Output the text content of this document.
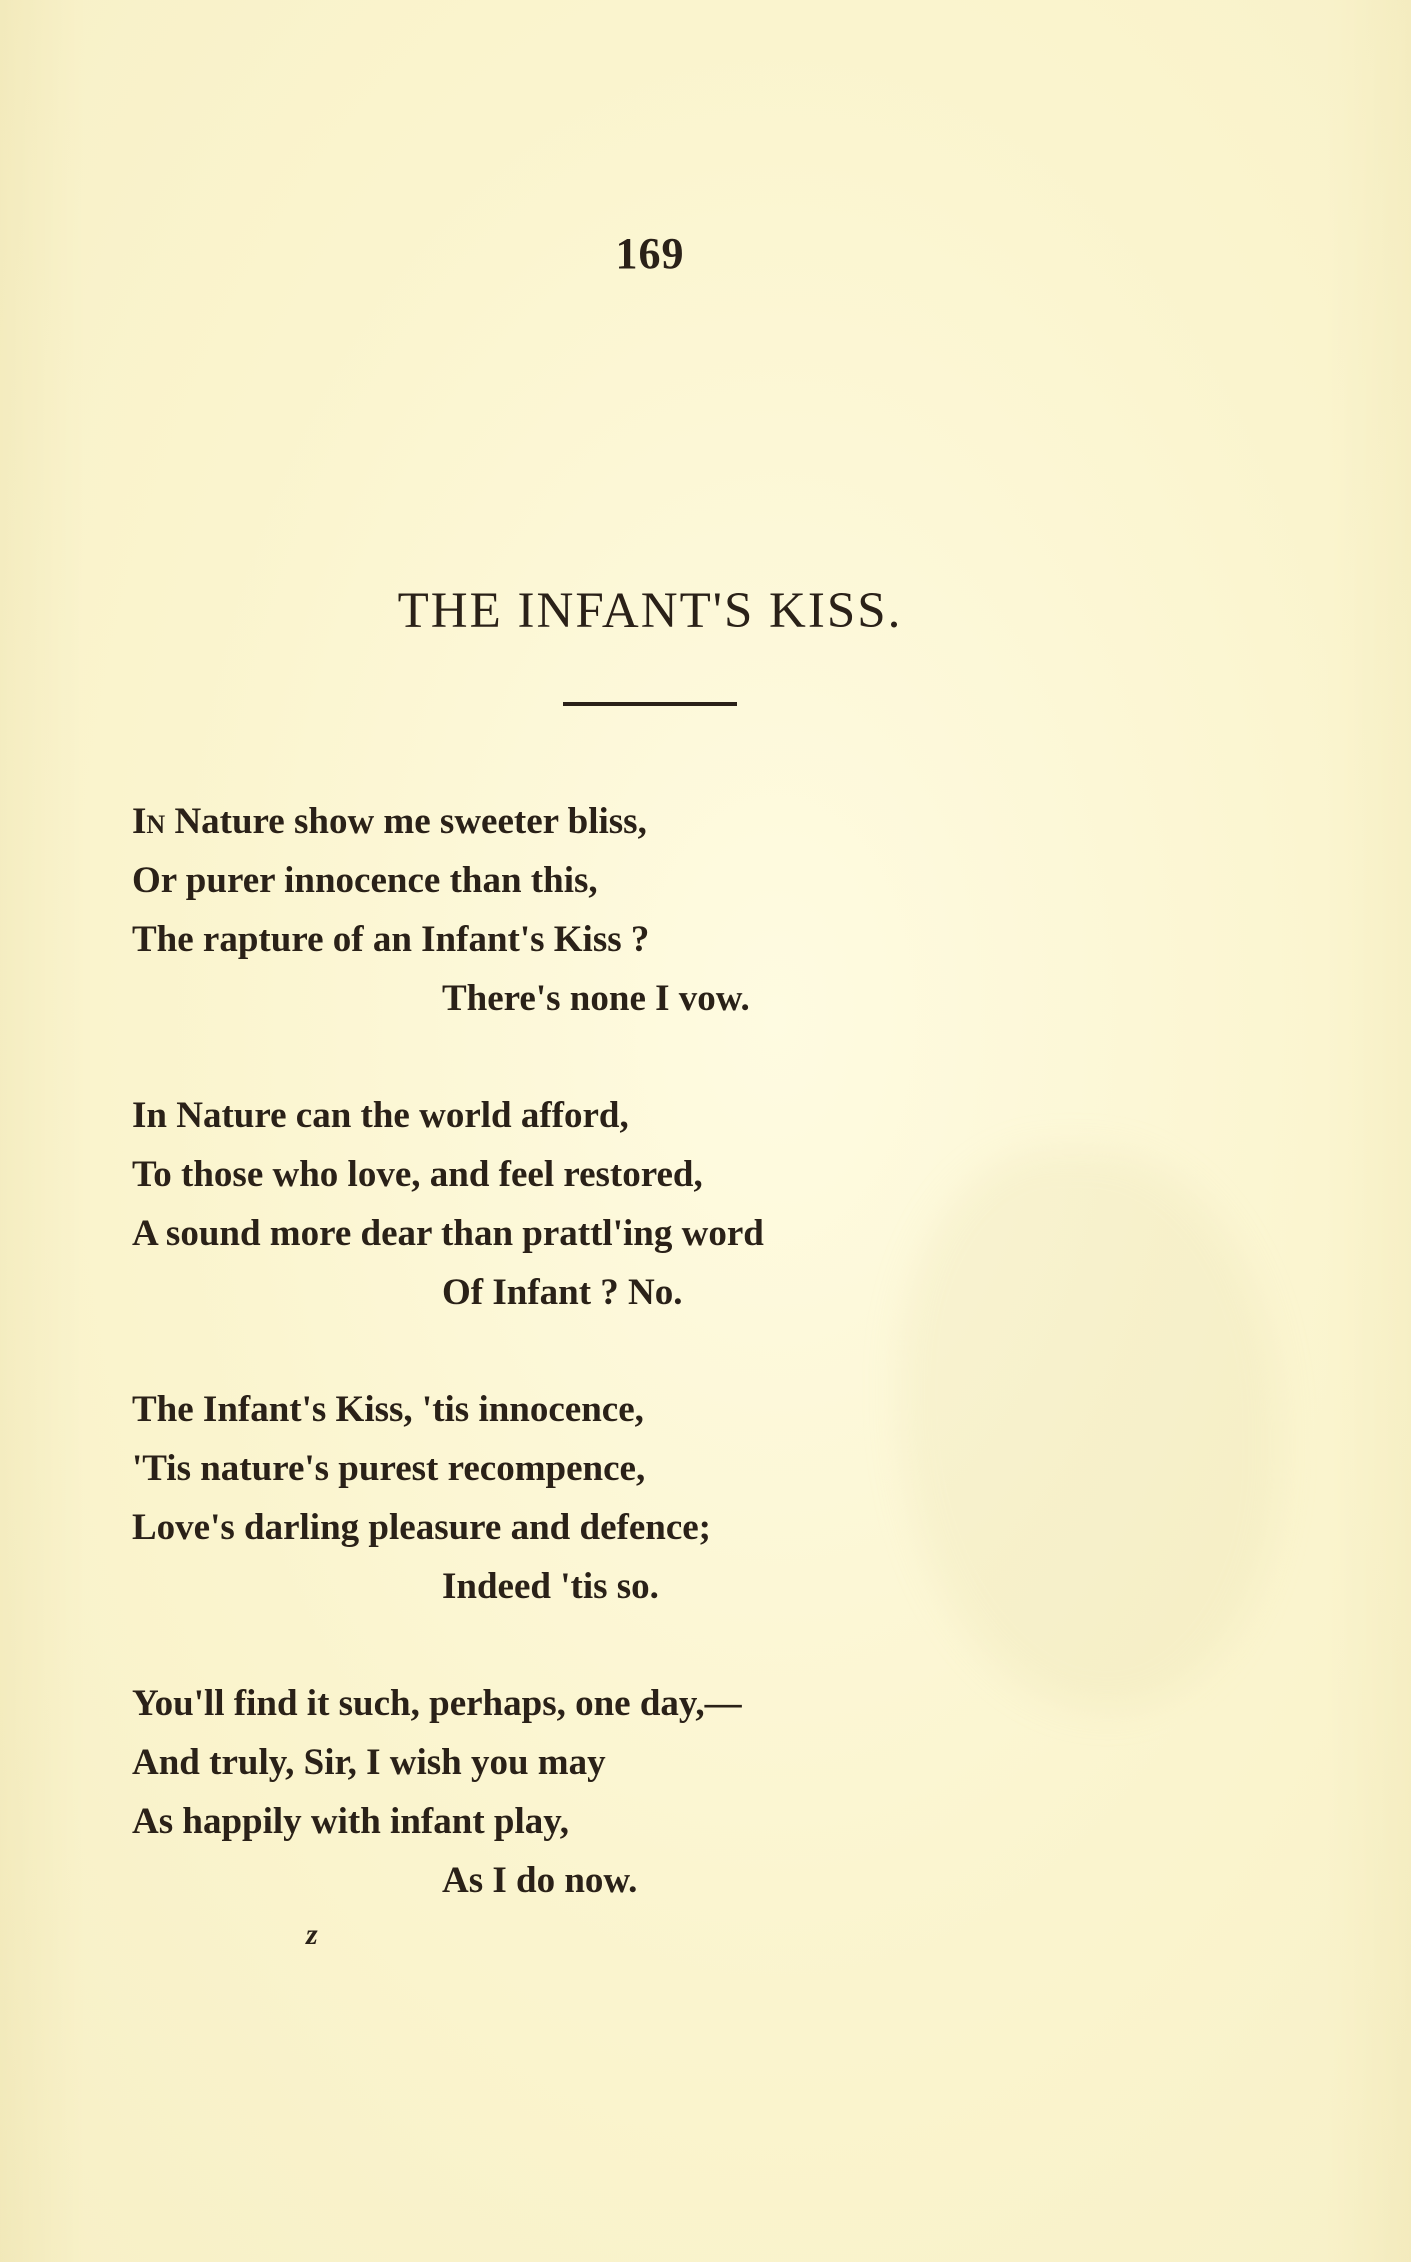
169
THE INFANT'S KISS.
In Nature show me sweeter bliss,
Or purer innocence than this,
The rapture of an Infant's Kiss ?
There's none I vow.
In Nature can the world afford,
To those who love, and feel restored,
A sound more dear than prattl'ing word
Of Infant ? No.
The Infant's Kiss, 'tis innocence,
'Tis nature's purest recompence,
Love's darling pleasure and defence;
Indeed 'tis so.
You'll find it such, perhaps, one day,—
And truly, Sir, I wish you may
As happily with infant play,
As I do now.
z
